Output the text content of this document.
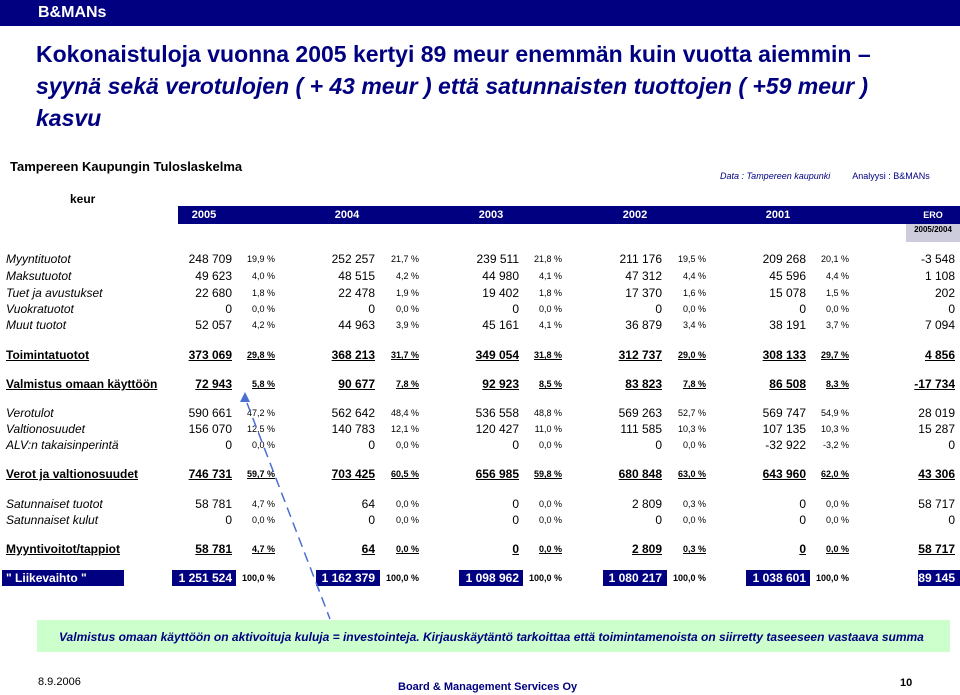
B&MANs
Kokonaistuloja vuonna 2005 kertyi 89 meur enemmän kuin vuotta aiemmin – syynä sekä verotulojen ( + 43 meur ) että satunnaisten tuottojen ( +59 meur ) kasvu
Tampereen Kaupungin Tuloslaskelma
Data : Tampereen kaupunki Analyysi : B&MANs
keur
2005	2004	2003	2002	2001	ERO
2005/2004
Myyntituotot	248 709 19,9 %	252 257 21,7 %	239 511 21,8 %	211 176 19,5 %	209 268 20,1 %	-3 548
Maksutuotot	49 623 4,0 %	48 515 4,2 %	44 980 4,1 %	47 312 4,4 %	45 596 4,4 %	1 108
Tuet ja avustukset	22 680 1,8 %	22 478 1,9 %	19 402 1,8 %	17 370 1,6 %	15 078 1,5 %	202
Vuokratuotot	0 0,0 %	0 0,0 %	0 0,0 %	0 0,0 %	0 0,0 %	0
Muut tuotot	52 057 4,2 %	44 963 3,9 %	45 161 4,1 %	36 879 3,4 %	38 191 3,7 %	7 094
Toimintatuotot	373 069 29,8 %	368 213 31,7 %	349 054 31,8 %	312 737 29,0 %	308 133 29,7 %	4 856
Valmistus omaan käyttöön	72 943 5,8 %	90 677 7,8 %	92 923 8,5 %	83 823 7,8 %	86 508 8,3 %	-17 734
Verotulot	590 661 47,2 %	562 642 48,4 %	536 558 48,8 %	569 263 52,7 %	569 747 54,9 %	28 019
Valtionosuudet	156 070 12,5 %	140 783 12,1 %	120 427 11,0 %	111 585 10,3 %	107 135 10,3 %	15 287
ALV:n takaisinperintä	0 0,0 %	0 0,0 %	0 0,0 %	0 0,0 %	-32 922 -3,2 %	0
Verot ja valtionosuudet	746 731 59,7 %	703 425 60,5 %	656 985 59,8 %	680 848 63,0 %	643 960 62,0 %	43 306
Satunnaiset tuotot	58 781 4,7 %	64 0,0 %	0 0,0 %	2 809 0,3 %	0 0,0 %	58 717
Satunnaiset kulut	0 0,0 %	0 0,0 %	0 0,0 %	0 0,0 %	0 0,0 %	0
Myyntivoitot/tappiot	58 781 4,7 %	64 0,0 %	0 0,0 %	2 809 0,3 %	0 0,0 %	58 717
" Liikevaihto "	1 251 524 100,0 %	1 162 379 100,0 %	1 098 962 100,0 %	1 080 217 100,0 %	1 038 601 100,0 %	89 145
Valmistus omaan käyttöön on aktivoituja kuluja = investointeja. Kirjauskäytäntö tarkoittaa että toimintamenoista on siirretty taseeseen vastaava summa
8.9.2006	Board & Management Services Oy	10
